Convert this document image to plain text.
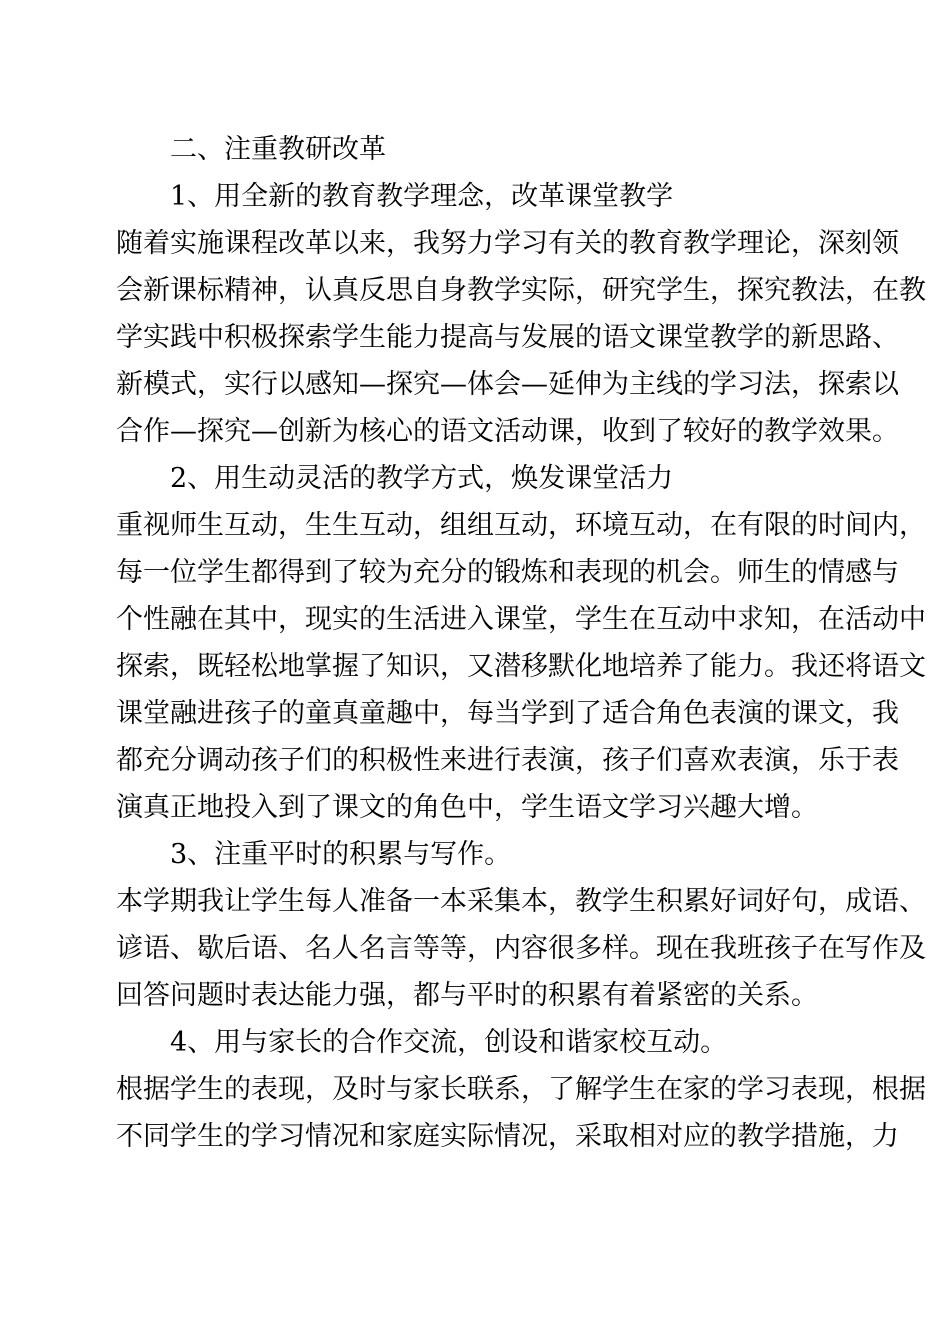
二、注重教研改革
1、用全新的教育教学理念，改革课堂教学
随着实施课程改革以来，我努力学习有关的教育教学理论，深刻领
会新课标精神，认真反思自身教学实际，研究学生，探究教法，在教
学实践中积极探索学生能力提高与发展的语文课堂教学的新思路、
新模式，实行以感知—探究—体会—延伸为主线的学习法，探索以
合作—探究—创新为核心的语文活动课，收到了较好的教学效果。
2、用生动灵活的教学方式，焕发课堂活力
重视师生互动，生生互动，组组互动，环境互动，在有限的时间内，
每一位学生都得到了较为充分的锻炼和表现的机会。师生的情感与
个性融在其中，现实的生活进入课堂，学生在互动中求知，在活动中
探索，既轻松地掌握了知识，又潜移默化地培养了能力。我还将语文
课堂融进孩子的童真童趣中，每当学到了适合角色表演的课文，我
都充分调动孩子们的积极性来进行表演，孩子们喜欢表演，乐于表
演真正地投入到了课文的角色中，学生语文学习兴趣大增。
3、注重平时的积累与写作。
本学期我让学生每人准备一本采集本，教学生积累好词好句，成语、
谚语、歇后语、名人名言等等，内容很多样。现在我班孩子在写作及
回答问题时表达能力强，都与平时的积累有着紧密的关系。
4、用与家长的合作交流，创设和谐家校互动。
根据学生的表现，及时与家长联系，了解学生在家的学习表现，根据
不同学生的学习情况和家庭实际情况，采取相对应的教学措施，力
